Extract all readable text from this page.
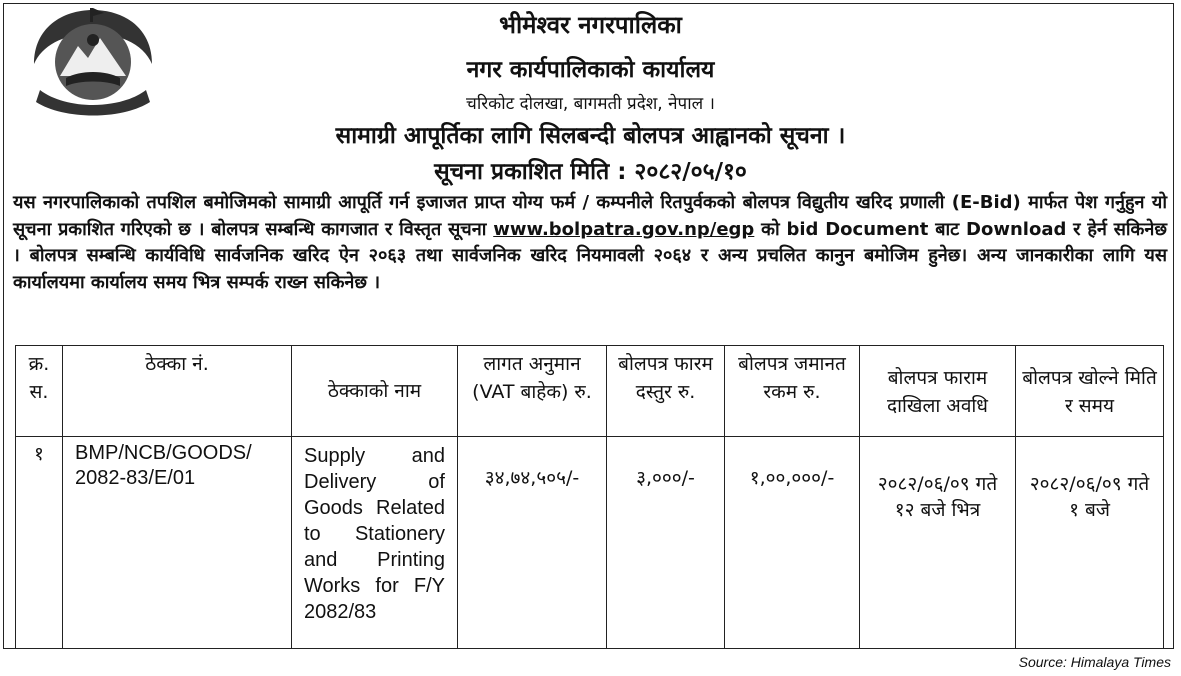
भीमेश्वर नगरपालिका

नगर कार्यपालिकाको कार्यालय

चरिकोट दोलखा, बागमती प्रदेश, नेपाल ।

सामाग्री आपूर्तिका लागि सिलबन्दी बोलपत्र आह्वानको सूचना ।

सूचना प्रकाशित मिति : २०८२/०५/१०

यस नगरपालिकाको तपशिल बमोजिमको सामाग्री आपूर्ति गर्न इजाजत प्राप्त योग्य फर्म / कम्पनीले रितपुर्वकको बोलपत्र विद्युतीय खरिद प्रणाली (E-Bid) मार्फत पेश गर्नुहुन यो सूचना प्रकाशित गरिएको छ । बोलपत्र सम्बन्धि कागजात र विस्तृत सूचना www.bolpatra.gov.np/egp को bid Document बाट Download र हेर्न सकिनेछ । बोलपत्र सम्बन्धि कार्यविधि सार्वजनिक खरिद ऐन २०६३ तथा सार्वजनिक खरिद नियमावली २०६४ र अन्य प्रचलित कानुन बमोजिम हुनेछ। अन्य जानकारीका लागि यस कार्यालयमा कार्यालय समय भित्र सम्पर्क राख्न सकिनेछ ।

क्र. स.	ठेक्का नं.	ठेक्काको नाम	लागत अनुमान (VAT बाहेक) रु.	बोलपत्र फारम दस्तुर रु.	बोलपत्र जमानत रकम रु.	बोलपत्र फाराम दाखिला अवधि	बोलपत्र खोल्ने मिति र समय
१	BMP/NCB/GOODS/ 2082-83/E/01	Supply and Delivery of Goods Related to Stationery and Printing Works for F/Y 2082/83	३४,७४,५०५/-	३,०००/-	१,००,०००/-	२०८२/०६/०९ गते १२ बजे भित्र	२०८२/०६/०९ गते १ बजे

Source: Himalaya Times
